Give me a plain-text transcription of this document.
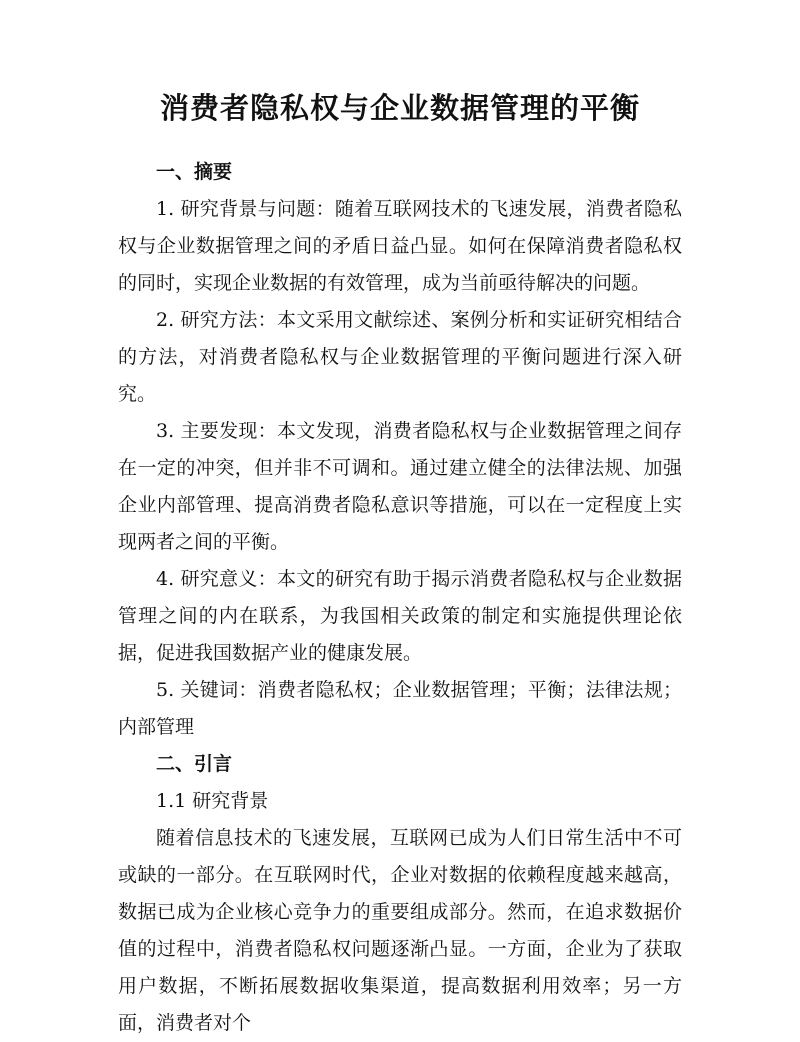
消费者隐私权与企业数据管理的平衡
一、摘要

1. 研究背景与问题：随着互联网技术的飞速发展，消费者隐私权与企业数据管理之间的矛盾日益凸显。如何在保障消费者隐私权的同时，实现企业数据的有效管理，成为当前亟待解决的问题。

2. 研究方法：本文采用文献综述、案例分析和实证研究相结合的方法，对消费者隐私权与企业数据管理的平衡问题进行深入研究。

3. 主要发现：本文发现，消费者隐私权与企业数据管理之间存在一定的冲突，但并非不可调和。通过建立健全的法律法规、加强企业内部管理、提高消费者隐私意识等措施，可以在一定程度上实现两者之间的平衡。

4. 研究意义：本文的研究有助于揭示消费者隐私权与企业数据管理之间的内在联系，为我国相关政策的制定和实施提供理论依据，促进我国数据产业的健康发展。

5. 关键词：消费者隐私权；企业数据管理；平衡；法律法规；内部管理

二、引言

1.1 研究背景

随着信息技术的飞速发展，互联网已成为人们日常生活中不可或缺的一部分。在互联网时代，企业对数据的依赖程度越来越高，数据已成为企业核心竞争力的重要组成部分。然而，在追求数据价值的过程中，消费者隐私权问题逐渐凸显。一方面，企业为了获取用户数据，不断拓展数据收集渠道，提高数据利用效率；另一方面，消费者对个
